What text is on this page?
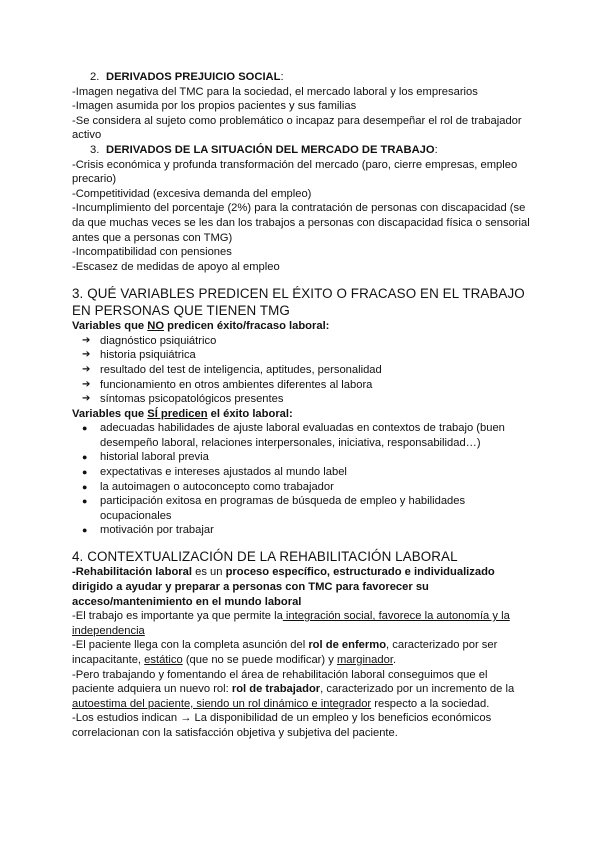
2. DERIVADOS PREJUICIO SOCIAL:
-Imagen negativa del TMC para la sociedad, el mercado laboral y los empresarios
-Imagen asumida por los propios pacientes y sus familias
-Se considera al sujeto como problemático o incapaz para desempeñar el rol de trabajador activo
3. DERIVADOS DE LA SITUACIÓN DEL MERCADO DE TRABAJO:
-Crisis económica y profunda transformación del mercado (paro, cierre empresas, empleo precario)
-Competitividad (excesiva demanda del empleo)
-Incumplimiento del porcentaje (2%) para la contratación de personas con discapacidad (se da que muchas veces se les dan los trabajos a personas con discapacidad física o sensorial antes que a personas con TMG)
-Incompatibilidad con pensiones
-Escasez de medidas de apoyo al empleo
3. QUÉ VARIABLES PREDICEN EL ÉXITO O FRACASO EN EL TRABAJO EN PERSONAS QUE TIENEN TMG
Variables que NO predicen éxito/fracaso laboral:
➔ diagnóstico psiquiátrico
➔ historia psiquiátrica
➔ resultado del test de inteligencia, aptitudes, personalidad
➔ funcionamiento en otros ambientes diferentes al labora
➔ síntomas psicopatológicos presentes
Variables que SÍ predicen el éxito laboral:
●	adecuadas habilidades de ajuste laboral evaluadas en contextos de trabajo (buen desempeño laboral, relaciones interpersonales, iniciativa, responsabilidad…)
●	historial laboral previa
●	expectativas e intereses ajustados al mundo label
●	la autoimagen o autoconcepto como trabajador
●	participación exitosa en programas de búsqueda de empleo y habilidades ocupacionales
●	motivación por trabajar
4. CONTEXTUALIZACIÓN DE LA REHABILITACIÓN LABORAL
-Rehabilitación laboral es un proceso específico, estructurado e individualizado dirigido a ayudar y preparar a personas con TMC para favorecer su acceso/mantenimiento en el mundo laboral
-El trabajo es importante ya que permite la integración social, favorece la autonomía y la independencia
-El paciente llega con la completa asunción del rol de enfermo, caracterizado por ser incapacitante, estático (que no se puede modificar) y marginador.
-Pero trabajando y fomentando el área de rehabilitación laboral conseguimos que el paciente adquiera un nuevo rol: rol de trabajador, caracterizado por un incremento de la autoestima del paciente, siendo un rol dinámico e integrador respecto a la sociedad.
-Los estudios indican → La disponibilidad de un empleo y los beneficios económicos correlacionan con la satisfacción objetiva y subjetiva del paciente.
